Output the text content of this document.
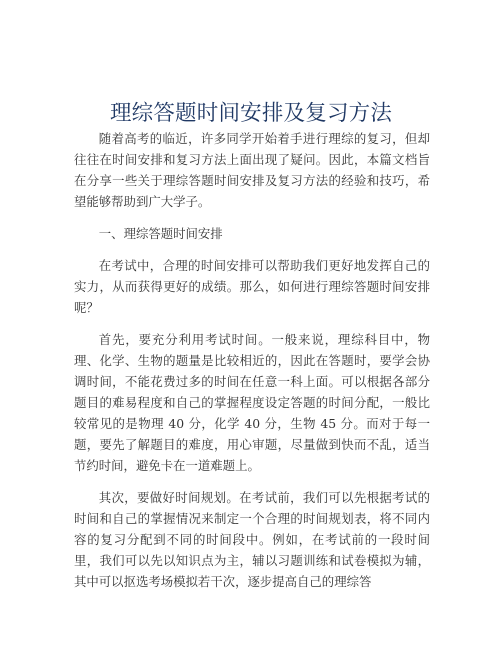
理综答题时间安排及复习方法

随着高考的临近，许多同学开始着手进行理综的复习，但却往往在时间安排和复习方法上面出现了疑问。因此，本篇文档旨在分享一些关于理综答题时间安排及复习方法的经验和技巧，希望能够帮助到广大学子。

一、理综答题时间安排

在考试中，合理的时间安排可以帮助我们更好地发挥自己的实力，从而获得更好的成绩。那么，如何进行理综答题时间安排呢？

首先，要充分利用考试时间。一般来说，理综科目中，物理、化学、生物的题量是比较相近的，因此在答题时，要学会协调时间，不能花费过多的时间在任意一科上面。可以根据各部分题目的难易程度和自己的掌握程度设定答题的时间分配，一般比较常见的是物理 40 分，化学 40 分，生物 45 分。而对于每一题，要先了解题目的难度，用心审题，尽量做到快而不乱，适当节约时间，避免卡在一道难题上。

其次，要做好时间规划。在考试前，我们可以先根据考试的时间和自己的掌握情况来制定一个合理的时间规划表，将不同内容的复习分配到不同的时间段中。例如，在考试前的一段时间里，我们可以先以知识点为主，辅以习题训练和试卷模拟为辅，其中可以抠选考场模拟若干次，逐步提高自己的理综答
